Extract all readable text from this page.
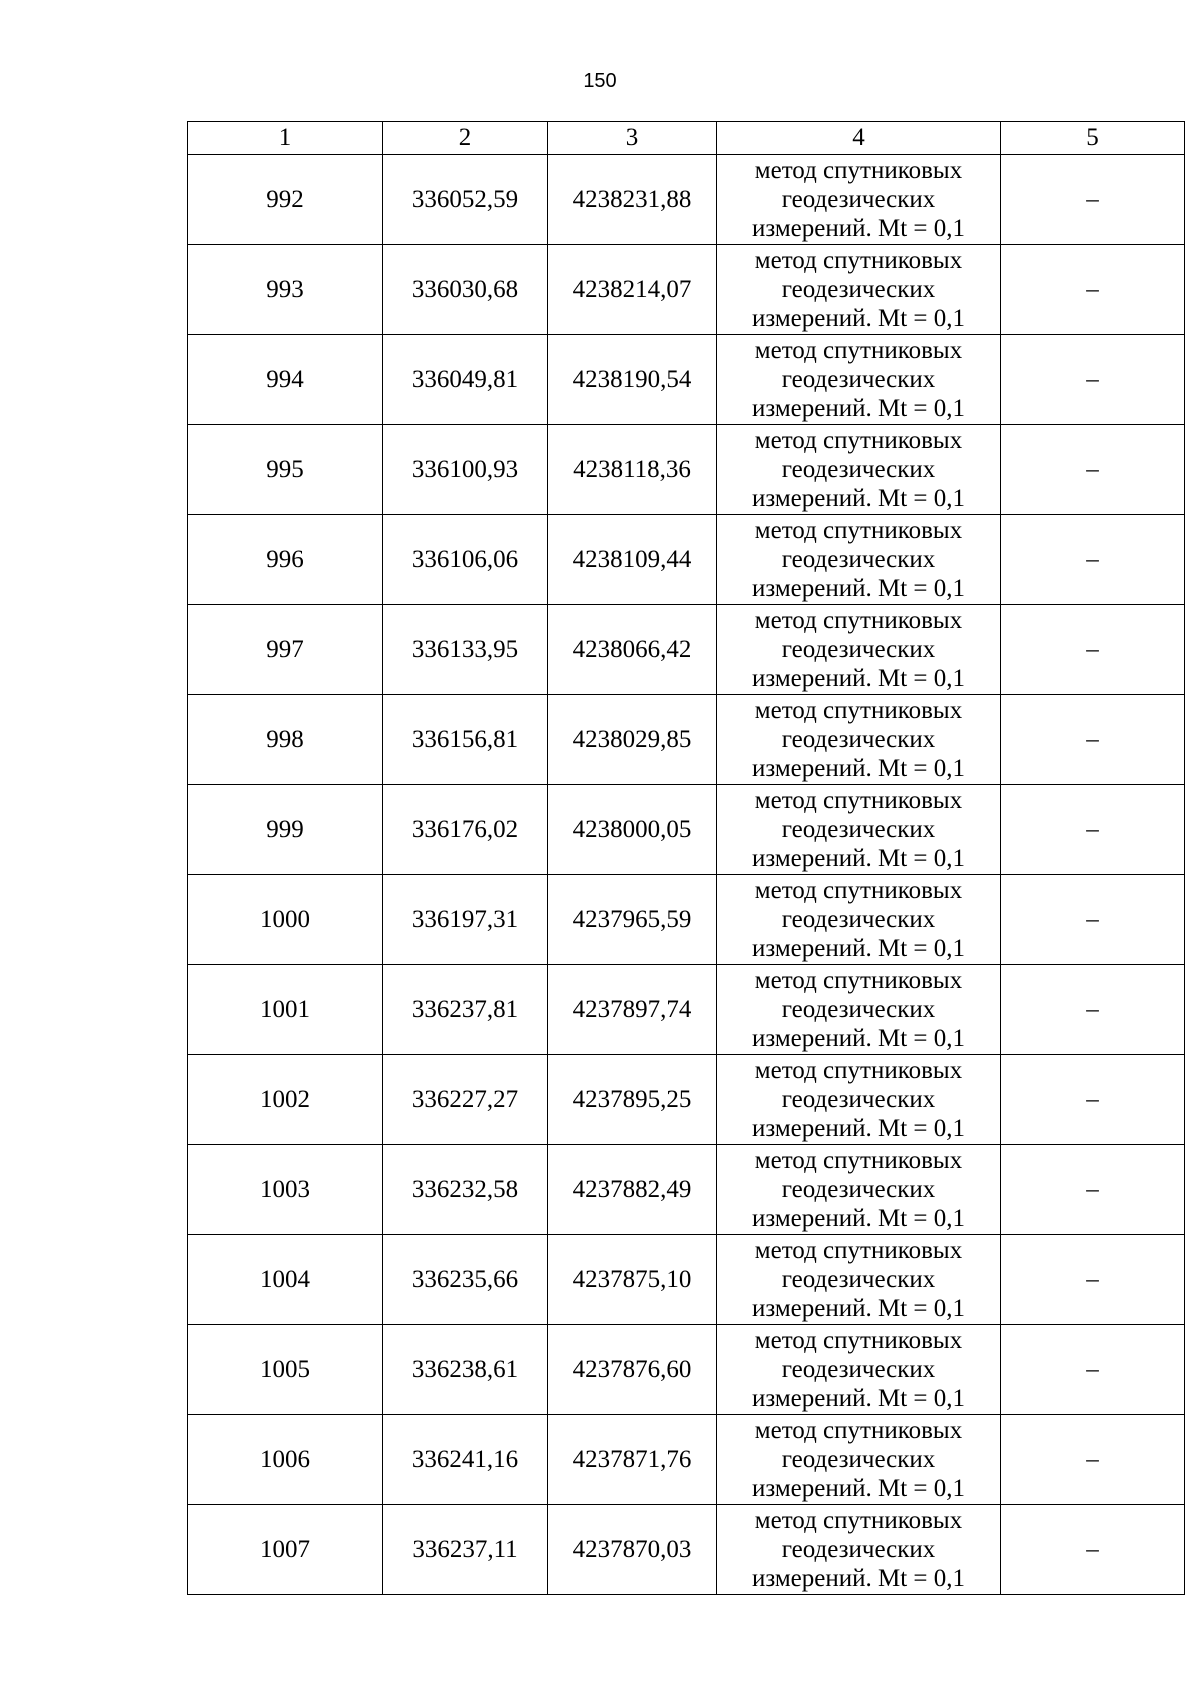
150
1	2	3	4	5
992	336052,59	4238231,88	метод спутниковых
геодезических
измерений. Mt = 0,1	–
993	336030,68	4238214,07	метод спутниковых
геодезических
измерений. Mt = 0,1	–
994	336049,81	4238190,54	метод спутниковых
геодезических
измерений. Mt = 0,1	–
995	336100,93	4238118,36	метод спутниковых
геодезических
измерений. Mt = 0,1	–
996	336106,06	4238109,44	метод спутниковых
геодезических
измерений. Mt = 0,1	–
997	336133,95	4238066,42	метод спутниковых
геодезических
измерений. Mt = 0,1	–
998	336156,81	4238029,85	метод спутниковых
геодезических
измерений. Mt = 0,1	–
999	336176,02	4238000,05	метод спутниковых
геодезических
измерений. Mt = 0,1	–
1000	336197,31	4237965,59	метод спутниковых
геодезических
измерений. Mt = 0,1	–
1001	336237,81	4237897,74	метод спутниковых
геодезических
измерений. Mt = 0,1	–
1002	336227,27	4237895,25	метод спутниковых
геодезических
измерений. Mt = 0,1	–
1003	336232,58	4237882,49	метод спутниковых
геодезических
измерений. Mt = 0,1	–
1004	336235,66	4237875,10	метод спутниковых
геодезических
измерений. Mt = 0,1	–
1005	336238,61	4237876,60	метод спутниковых
геодезических
измерений. Mt = 0,1	–
1006	336241,16	4237871,76	метод спутниковых
геодезических
измерений. Mt = 0,1	–
1007	336237,11	4237870,03	метод спутниковых
геодезических
измерений. Mt = 0,1	–
